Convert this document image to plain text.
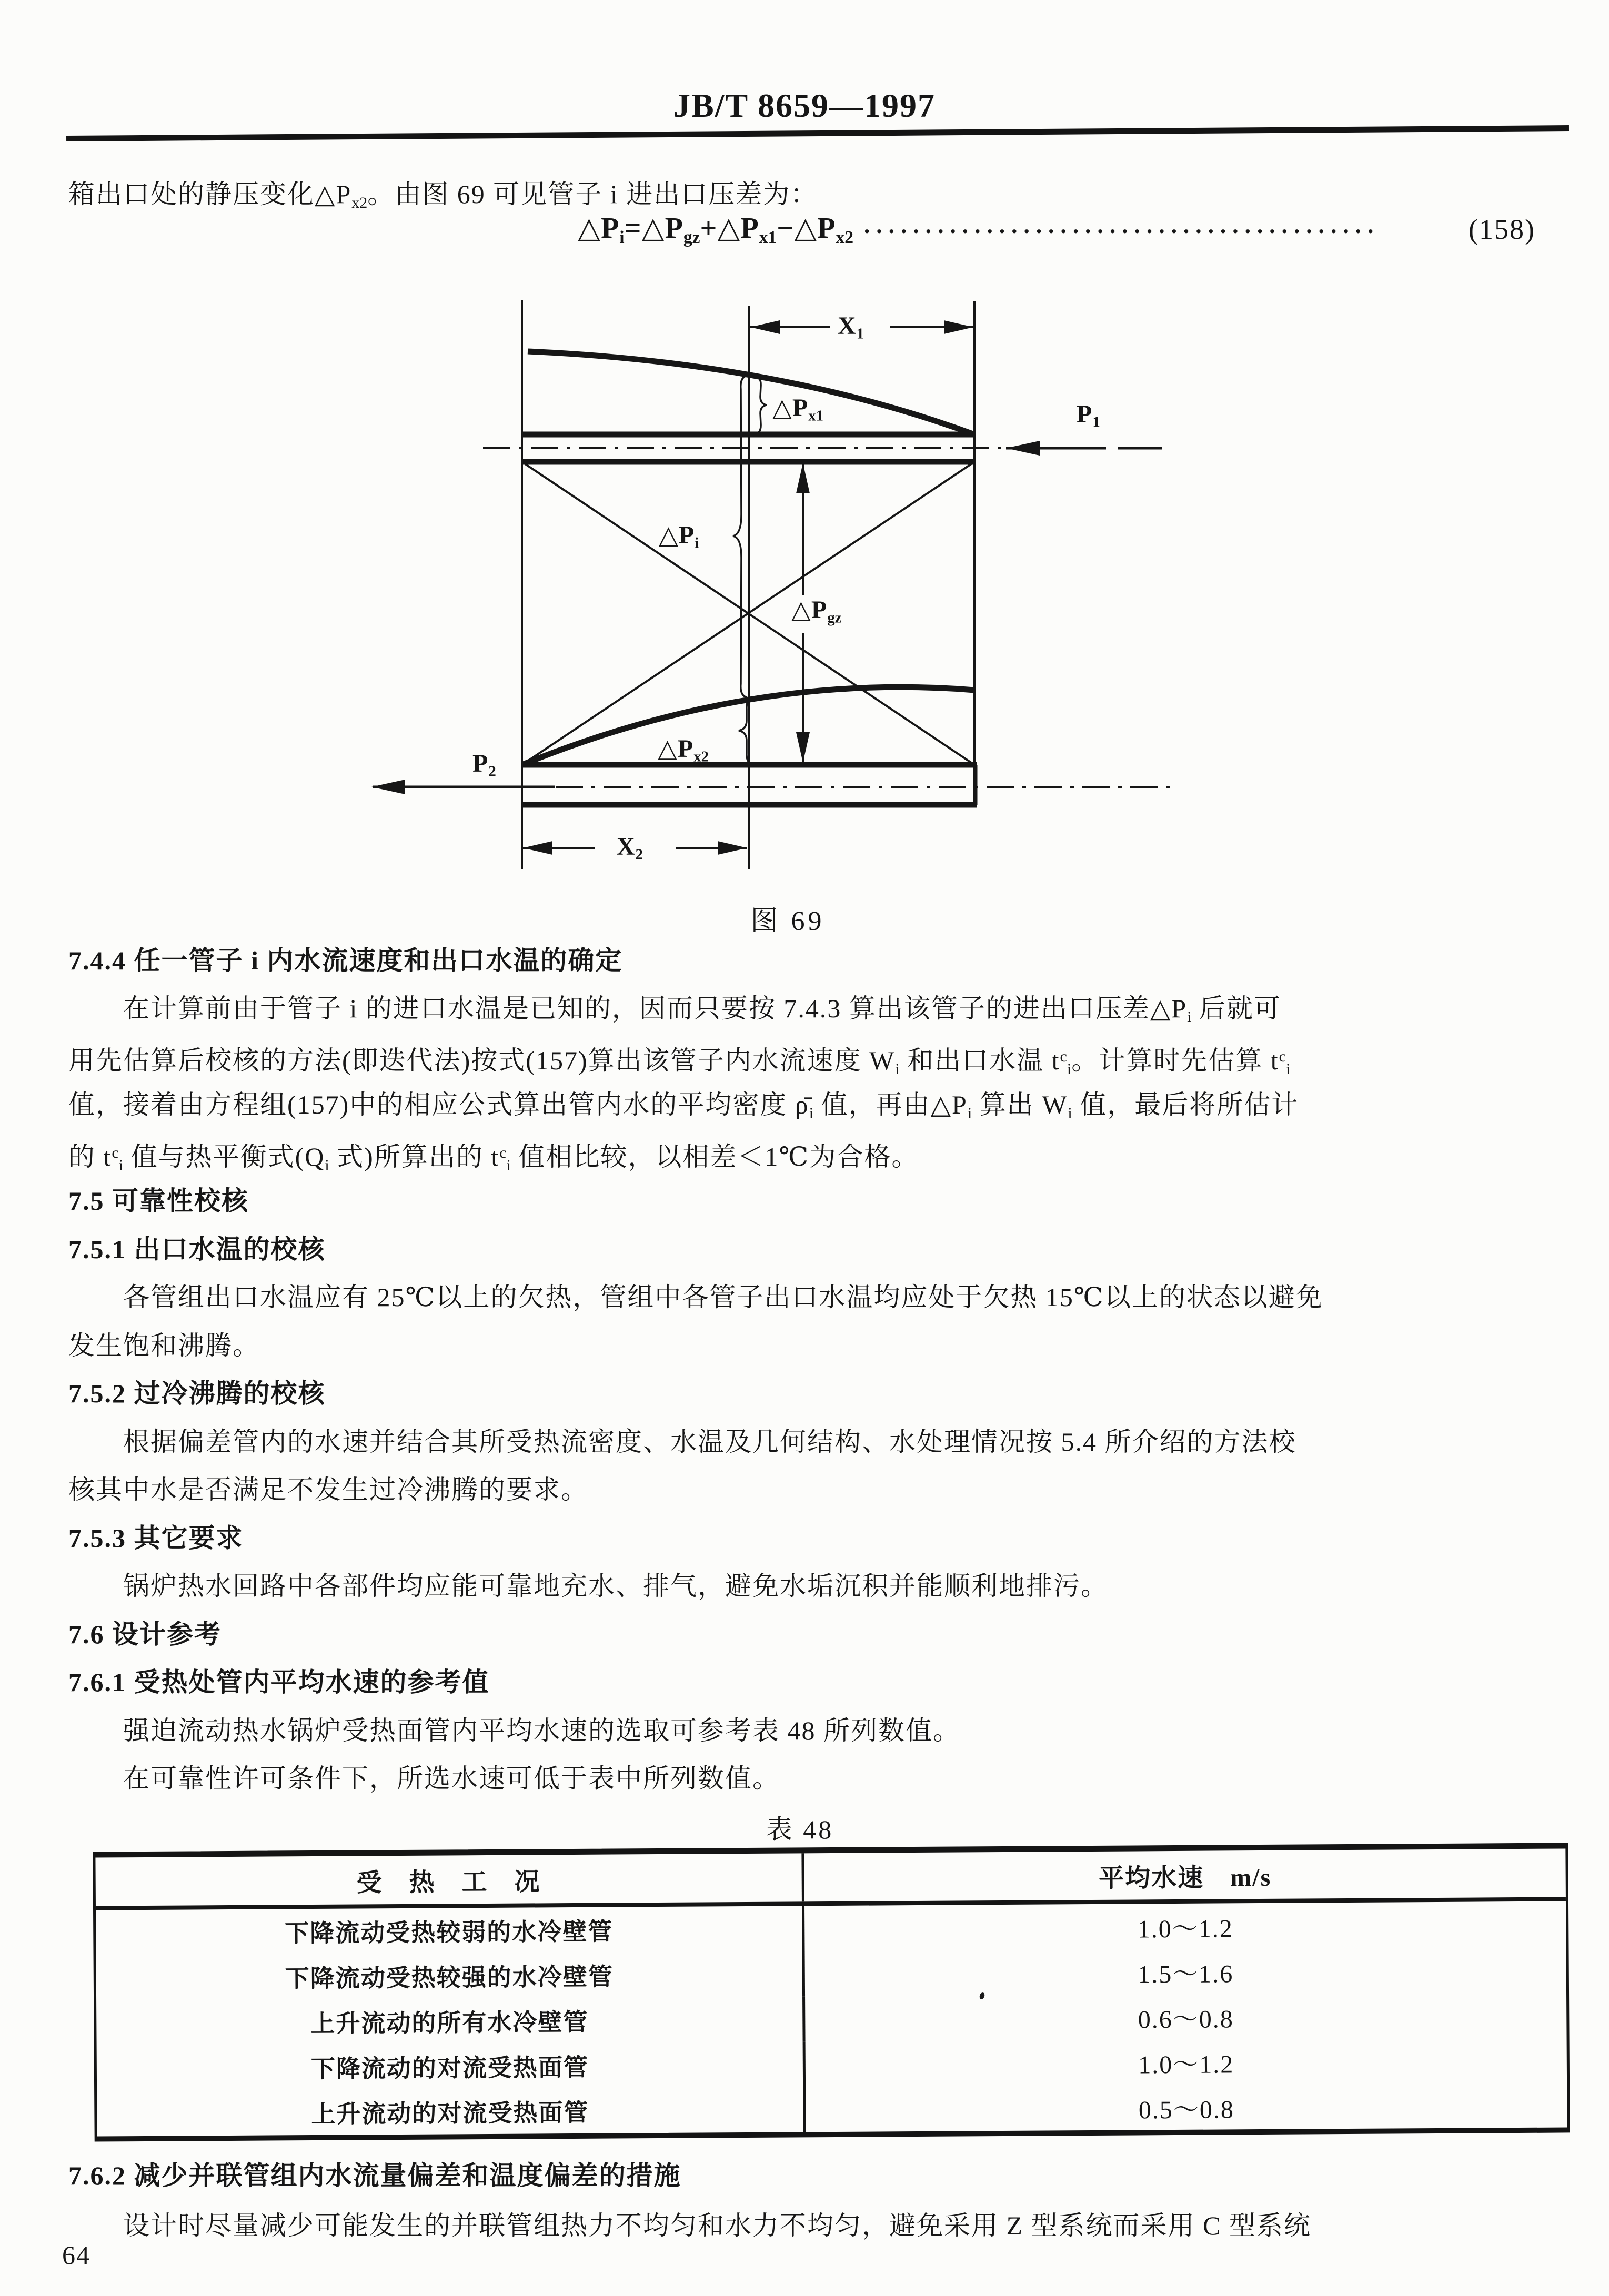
JB/T 8659—1997
$\triangle P_i=\triangle P_{gz}+\triangle P_{x1}-\triangle P_{x2}$ ··········································	(158)
$X_1$
$P_1$
$\triangle P_{x1}$
$\triangle P_i$
$\triangle P_{gz}$
$\triangle P_{x2}$
$P_2$
$X_2$
图 69
箱出口处的静压变化$\triangle P_{x2}$。由图 69 可见管子 i 进出口压差为：
7.4.4 任一管子 i 内水流速度和出口水温的确定
在计算前由于管子 i 的进口水温是已知的，因而只要按 7.4.3 算出该管子的进出口压差$\triangle P_i$ 后就可
用先估算后校核的方法(即迭代法)按式(157)算出该管子内水流速度 $W_i$ 和出口水温 $t^c_i$。计算时先估算 $t^c_i$
值，接着由方程组(157)中的相应公式算出管内水的平均密度 $\rhō_i$ 值，再由$\triangle P_i$ 算出 $W_i$ 值，最后将所估计
的 $t^c_i$ 值与热平衡式($Q_i$ 式)所算出的 $t^c_i$ 值相比较，以相差＜1℃为合格。
7.5 可靠性校核
7.5.1 出口水温的校核
各管组出口水温应有 25℃以上的欠热，管组中各管子出口水温均应处于欠热 15℃以上的状态以避免
发生饱和沸腾。
7.5.2 过冷沸腾的校核
根据偏差管内的水速并结合其所受热流密度、水温及几何结构、水处理情况按 5.4 所介绍的方法校
核其中水是否满足不发生过冷沸腾的要求。
7.5.3 其它要求
锅炉热水回路中各部件均应能可靠地充水、排气，避免水垢沉积并能顺利地排污。
7.6 设计参考
7.6.1 受热处管内平均水速的参考值
强迫流动热水锅炉受热面管内平均水速的选取可参考表 48 所列数值。
在可靠性许可条件下，所选水速可低于表中所列数值。
7.6.2 减少并联管组内水流量偏差和温度偏差的措施
设计时尽量减少可能发生的并联管组热力不均匀和水力不均匀，避免采用 Z 型系统而采用 C 型系统
表 48
受　热　工　况	平均水速　m/s
下降流动受热较弱的水冷壁管	1.0～1.2
下降流动受热较强的水冷壁管	1.5～1.6
上升流动的所有水冷壁管	0.6～0.8
下降流动的对流受热面管	1.0～1.2
上升流动的对流受热面管	0.5～0.8
64
